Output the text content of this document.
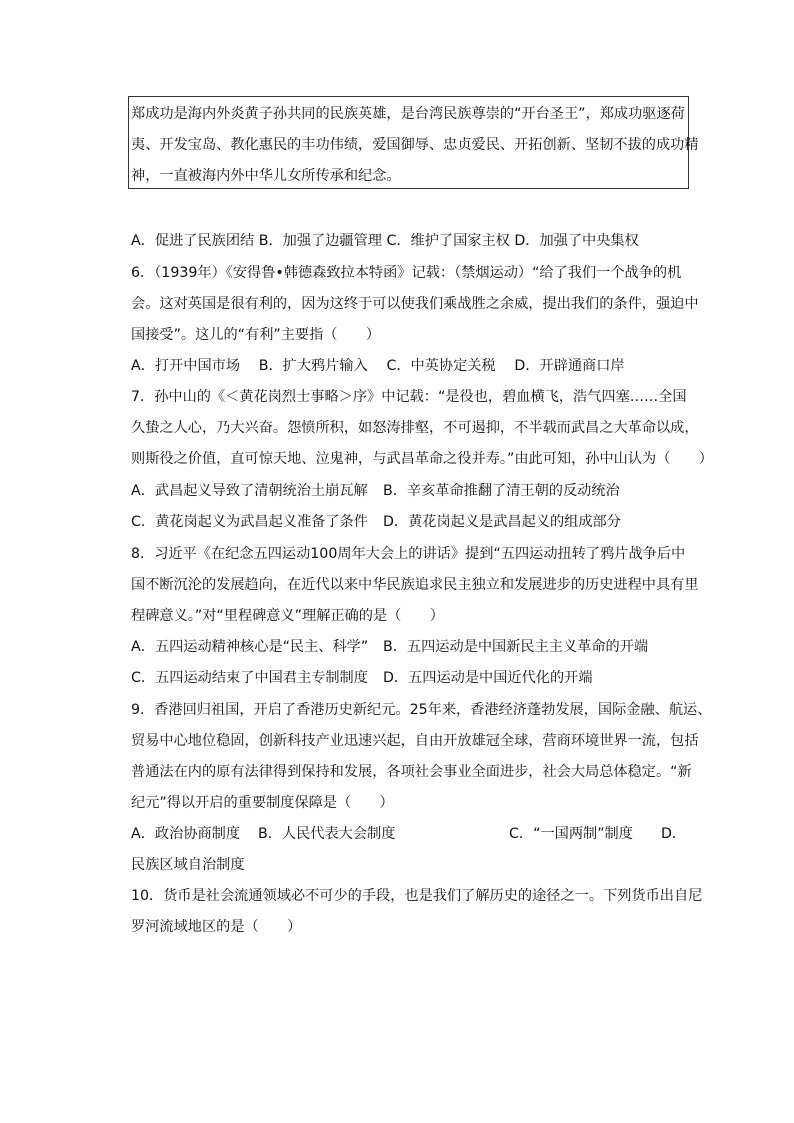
郑成功是海内外炎黄子孙共同的民族英雄，是台湾民族尊崇的“开台圣王”，郑成功驱逐荷
夷、开发宝岛、教化惠民的丰功伟绩，爱国御辱、忠贞爱民、开拓创新、坚韧不拔的成功精
神，一直被海内外中华儿女所传承和纪念。
A．促进了民族团结 B．加强了边疆管理 C．维护了国家主权 D．加强了中央集权
6．（1939年）《安得鲁•韩德森致拉本特函》记载：（禁烟运动）“给了我们一个战争的机
会。这对英国是很有利的，因为这终于可以使我们乘战胜之余威，提出我们的条件，强迫中
国接受”。这儿的“有利”主要指（　　）
A．打开中国市场　 B．扩大鸦片输入　 C．中英协定关税　 D．开辟通商口岸
7．孙中山的《＜黄花岗烈士事略＞序》中记载：“是役也，碧血横飞，浩气四塞……全国
久蛰之人心，乃大兴奋。怨愤所积，如怒涛排壑，不可遏抑，不半载而武昌之大革命以成，
则斯役之价值，直可惊天地、泣鬼神，与武昌革命之役并寿。”由此可知，孙中山认为（　　）
A．武昌起义导致了清朝统治土崩瓦解 B．辛亥革命推翻了清王朝的反动统治
C．黄花岗起义为武昌起义准备了条件 D．黄花岗起义是武昌起义的组成部分
8．习近平《在纪念五四运动100周年大会上的讲话》提到“五四运动扭转了鸦片战争后中
国不断沉沦的发展趋向，在近代以来中华民族追求民主独立和发展进步的历史进程中具有里
程碑意义。”对“里程碑意义”理解正确的是（　　）
A．五四运动精神核心是“民主、科学” B．五四运动是中国新民主主义革命的开端
C．五四运动结束了中国君主专制制度 D．五四运动是中国近代化的开端
9．香港回归祖国，开启了香港历史新纪元。25年来，香港经济蓬勃发展，国际金融、航运、
贸易中心地位稳固，创新科技产业迅速兴起，自由开放雄冠全球，营商环境世界一流，包括
普通法在内的原有法律得到保持和发展，各项社会事业全面进步，社会大局总体稳定。“新
纪元”得以开启的重要制度保障是（　　）
A．政治协商制度 B．人民代表大会制度	C．“一国两制”制度 D．
民族区域自治制度
10．货币是社会流通领域必不可少的手段，也是我们了解历史的途径之一。下列货币出自尼
罗河流域地区的是（　　）
